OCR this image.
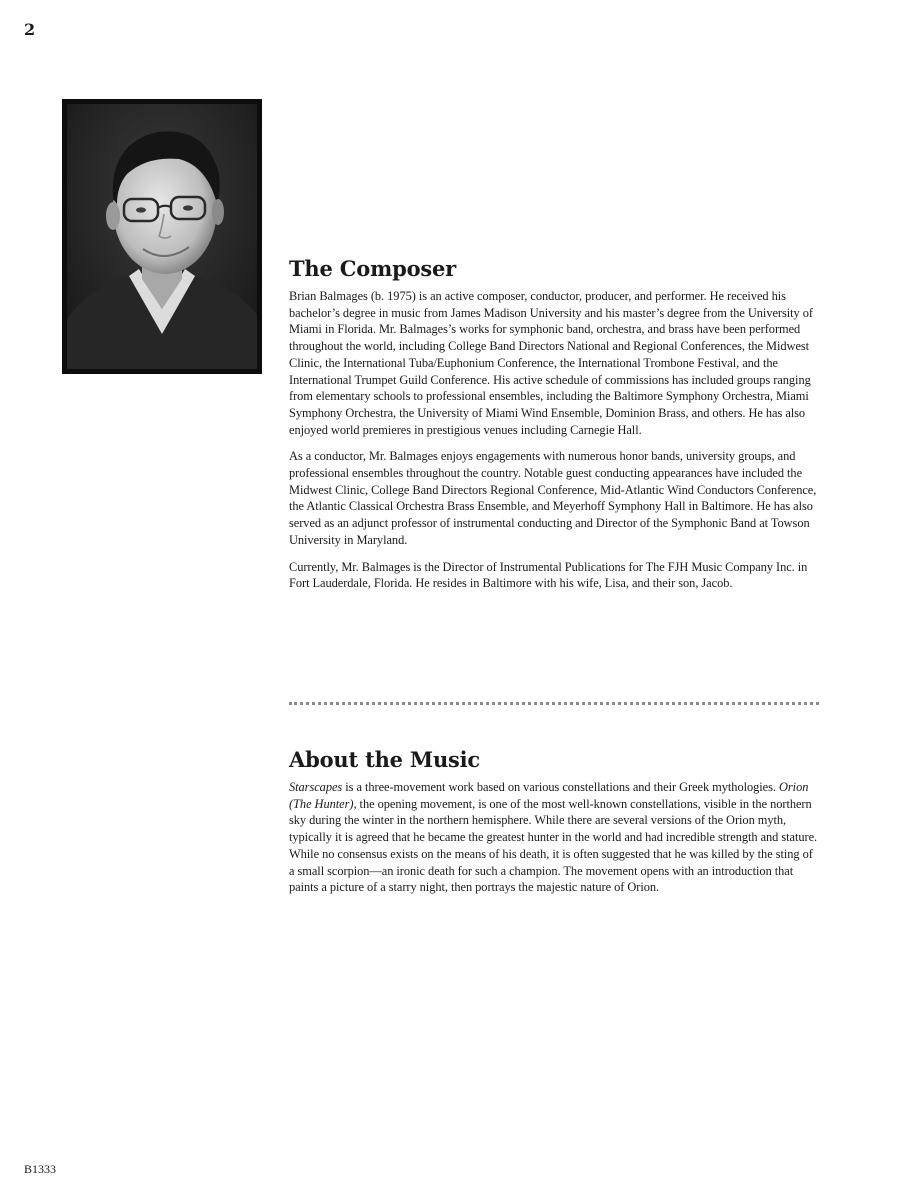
2
The Composer

Brian Balmages (b. 1975) is an active composer, conductor, producer, and performer. He received his bachelor’s degree in music from James Madison University and his master’s degree from the University of Miami in Florida. Mr. Balmages’s works for symphonic band, orchestra, and brass have been performed throughout the world, including College Band Directors National and Regional Conferences, the Midwest Clinic, the International Tuba/Euphonium Conference, the International Trombone Festival, and the International Trumpet Guild Conference. His active schedule of commissions has included groups ranging from elementary schools to professional ensembles, including the Baltimore Symphony Orchestra, Miami Symphony Orchestra, the University of Miami Wind Ensemble, Dominion Brass, and others. He has also enjoyed world premieres in prestigious venues including Carnegie Hall.

As a conductor, Mr. Balmages enjoys engagements with numerous honor bands, university groups, and professional ensembles throughout the country. Notable guest conducting appearances have included the Midwest Clinic, College Band Directors Regional Conference, Mid-Atlantic Wind Conductors Conference, the Atlantic Classical Orchestra Brass Ensemble, and Meyerhoff Symphony Hall in Baltimore. He has also served as an adjunct professor of instrumental conducting and Director of the Symphonic Band at Towson University in Maryland.

Currently, Mr. Balmages is the Director of Instrumental Publications for The FJH Music Company Inc. in Fort Lauderdale, Florida. He resides in Baltimore with his wife, Lisa, and their son, Jacob.

About the Music

Starscapes is a three-movement work based on various constellations and their Greek mythologies. Orion (The Hunter), the opening movement, is one of the most well-known constellations, visible in the northern sky during the winter in the northern hemisphere. While there are several versions of the Orion myth, typically it is agreed that he became the greatest hunter in the world and had incredible strength and stature. While no consensus exists on the means of his death, it is often suggested that he was killed by the sting of a small scorpion—an ironic death for such a champion. The movement opens with an introduction that paints a picture of a starry night, then portrays the majestic nature of Orion.

B1333
